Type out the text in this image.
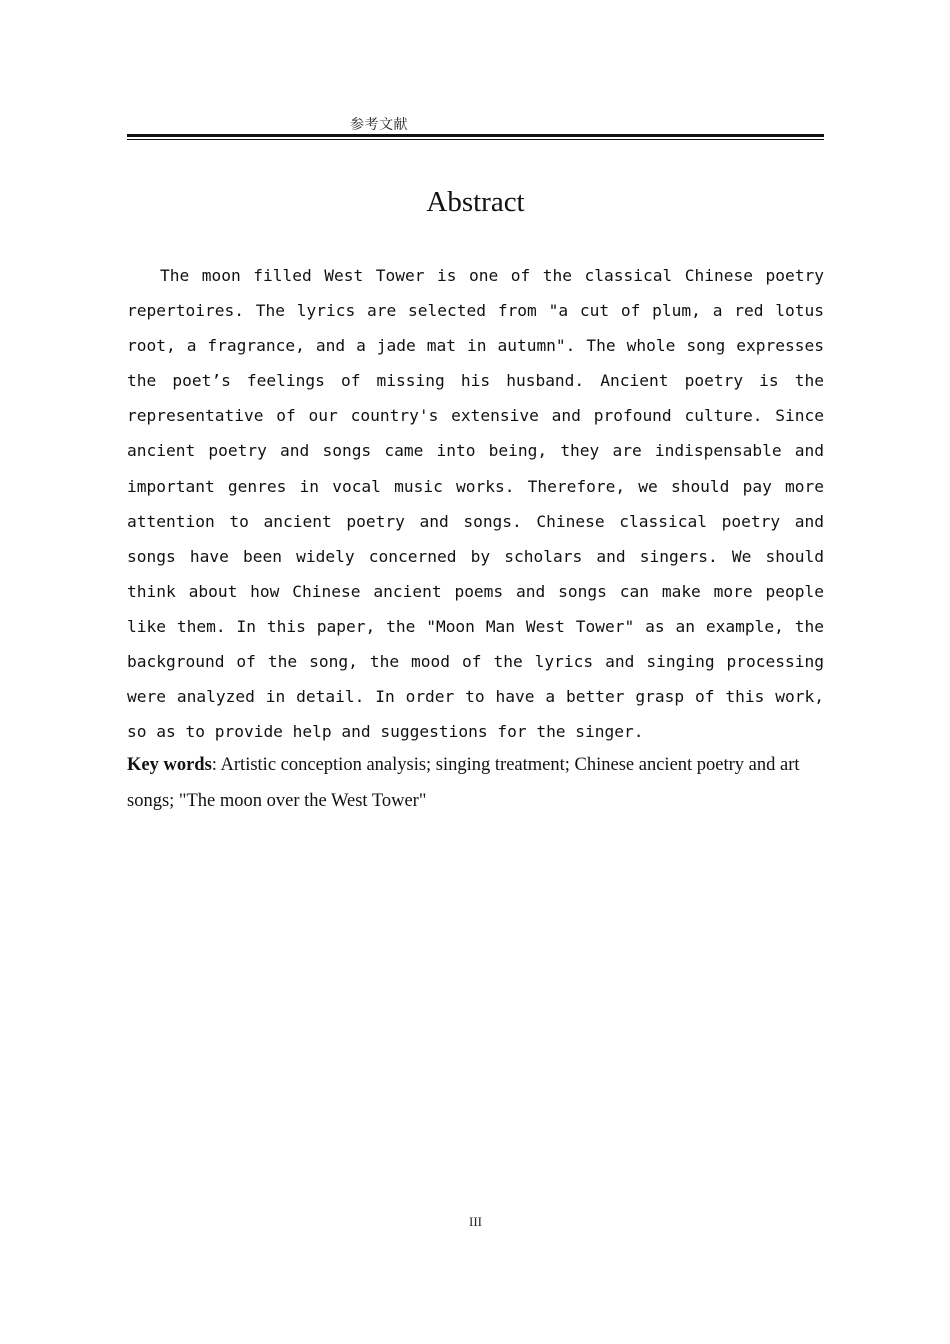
参考文献
Abstract

The moon filled West Tower is one of the classical Chinese poetry repertoires. The lyrics are selected from "a cut of plum, a red lotus root, a fragrance, and a jade mat in autumn". The whole song expresses the poet’s feelings of missing his husband. Ancient poetry is the representative of our country's extensive and profound culture. Since ancient poetry and songs came into being, they are indispensable and important genres in vocal music works. Therefore, we should pay more attention to ancient poetry and songs. Chinese classical poetry and songs have been widely concerned by scholars and singers. We should think about how Chinese ancient poems and songs can make more people like them. In this paper, the "Moon Man West Tower" as an example, the background of the song, the mood of the lyrics and singing processing were analyzed in detail. In order to have a better grasp of this work, so as to provide help and suggestions for the singer.

Key words: Artistic conception analysis; singing treatment; Chinese ancient poetry and art songs; "The moon over the West Tower"

III
